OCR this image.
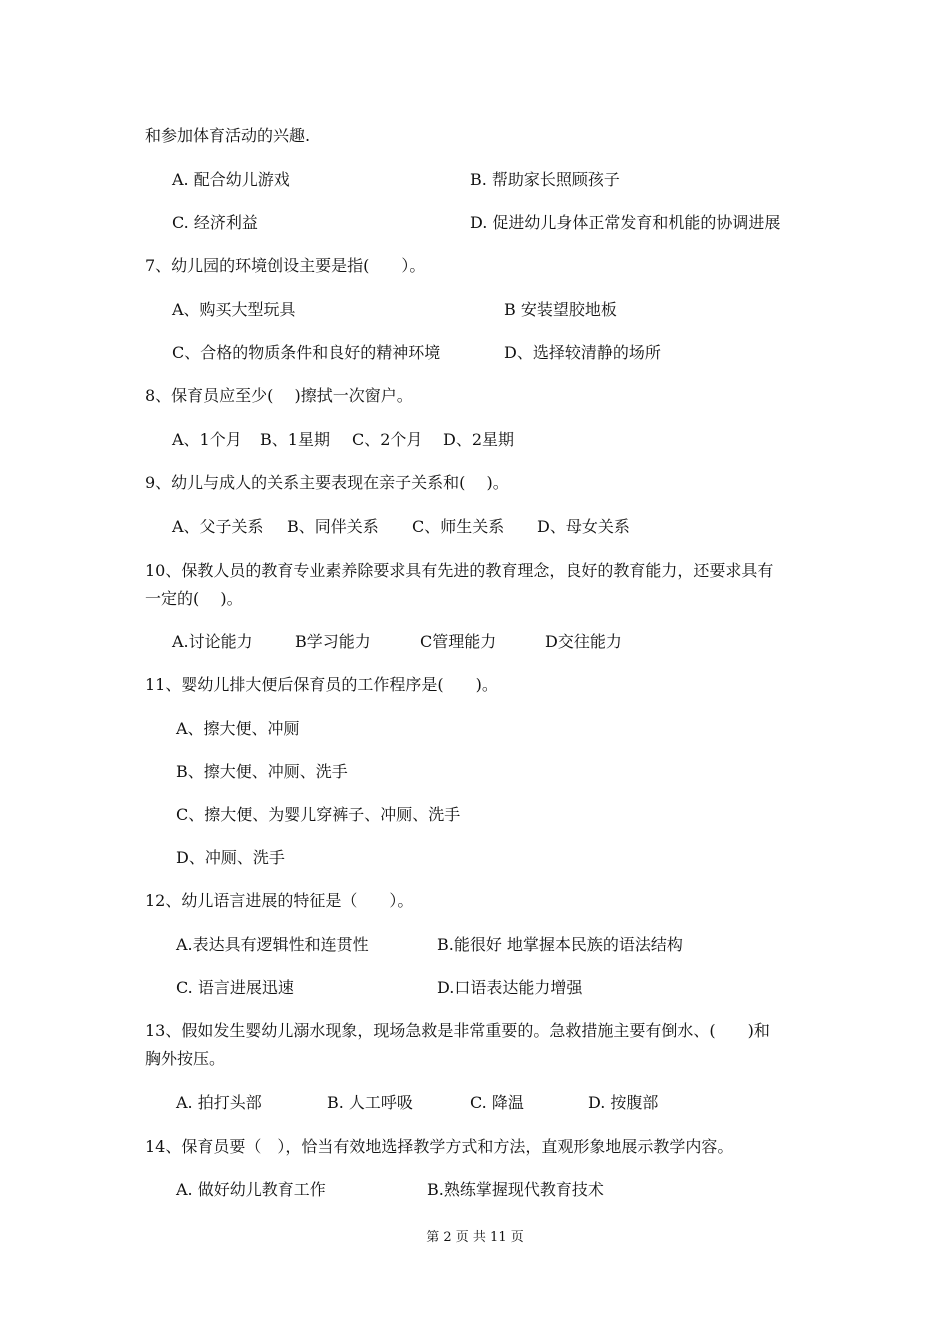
和参加体育活动的兴趣.
A. 配合幼儿游戏	B. 帮助家长照顾孩子
C. 经济利益	D. 促进幼儿身体正常发育和机能的协调进展
7、幼儿园的环境创设主要是指(　　）。
A、购买大型玩具	B 安装望胶地板
C、合格的物质条件和良好的精神环境	D、选择较清静的场所
8、保育员应至少(　 )擦拭一次窗户。
A、1个月 B、1星期 C、2个月 D、2星期
9、幼儿与成人的关系主要表现在亲子关系和(　 )。
A、父子关系 B、同伴关系 C、师生关系 D、母女关系
10、保教人员的教育专业素养除要求具有先进的教育理念，良好的教育能力，还要求具有
一定的(　 )。
A.讨论能力	B学习能力	C管理能力	D交往能力
11、婴幼儿排大便后保育员的工作程序是(　　)。
A、擦大便、冲厕
B、擦大便、冲厕、洗手
C、擦大便、为婴儿穿裤子、冲厕、洗手
D、冲厕、洗手
12、幼儿语言进展的特征是（　　）。
A.表达具有逻辑性和连贯性	B.能很好 地掌握本民族的语法结构
C. 语言进展迅速	D.口语表达能力增强
13、假如发生婴幼儿溺水现象，现场急救是非常重要的。急救措施主要有倒水、(　　)和
胸外按压。
A. 拍打头部	B. 人工呼吸	C. 降温	D. 按腹部
14、保育员要（　），恰当有效地选择教学方式和方法，直观形象地展示教学内容。
A. 做好幼儿教育工作	B.熟练掌握现代教育技术
第 2 页 共 11 页
